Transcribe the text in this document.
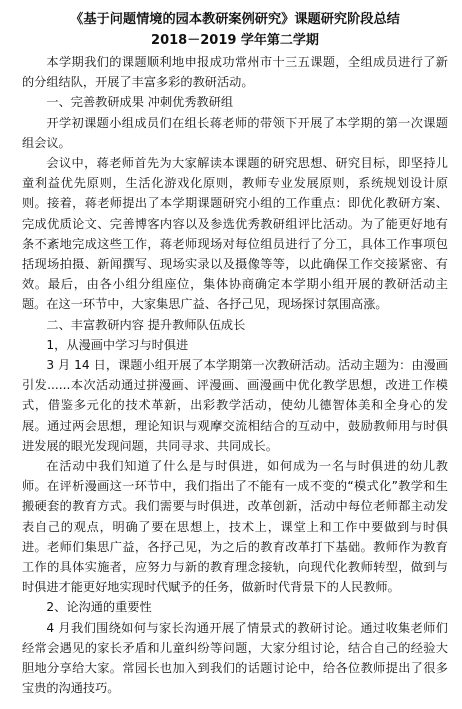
《基于问题情境的园本教研案例研究》课题研究阶段总结
2018－2019 学年第二学期

本学期我们的课题顺利地申报成功常州市十三五课题，全组成员进行了新的分组结队，开展了丰富多彩的教研活动。

一、完善教研成果 冲刺优秀教研组

开学初课题小组成员们在组长蒋老师的带领下开展了本学期的第一次课题组会议。

会议中，蒋老师首先为大家解读本课题的研究思想、研究目标，即坚持儿童利益优先原则，生活化游戏化原则，教师专业发展原则，系统规划设计原则。接着，蒋老师提出了本学期课题研究小组的工作重点：即优化教研方案、完成优质论文、完善博客内容以及参选优秀教研组评比活动。为了能更好地有条不紊地完成这些工作，蒋老师现场对每位组员进行了分工，具体工作事项包括现场拍摄、新闻撰写、现场实录以及摄像等等，以此确保工作交接紧密、有效。最后，由各小组分组座位，集体协商确定本学期小组开展的教研活动主题。在这一环节中，大家集思广益、各抒己见，现场探讨氛围高涨。

二、丰富教研内容 提升教师队伍成长
1，从漫画中学习与时俱进

3 月 14 日，课题小组开展了本学期第一次教研活动。活动主题为：由漫画引发......本次活动通过拼漫画、评漫画、画漫画中优化教学思想，改进工作模式，借鉴多元化的技术革新，出彩教学活动，使幼儿德智体美和全身心的发展。通过两会思想，理论知识与观摩交流相结合的互动中，鼓励教师用与时俱进发展的眼光发现问题，共同寻求、共同成长。

在活动中我们知道了什么是与时俱进，如何成为一名与时俱进的幼儿教师。在评析漫画这一环节中，我们指出了不能有一成不变的“模式化”教学和生搬硬套的教育方式。我们需要与时俱进，改革创新，活动中每位老师都主动发表自己的观点，明确了要在思想上，技术上，课堂上和工作中要做到与时俱进。老师们集思广益，各抒己见，为之后的教育改革打下基础。教师作为教育工作的具体实施者，应努力与新的教育理念接轨，向现代化教师转型，做到与时俱进才能更好地实现时代赋予的任务，做新时代背景下的人民教师。

2、论沟通的重要性

4 月我们围绕如何与家长沟通开展了情景式的教研讨论。通过收集老师们经常会遇见的家长矛盾和儿童纠纷等问题，大家分组讨论，结合自己的经验大胆地分享给大家。常园长也加入到我们的话题讨论中，给各位教师提出了很多宝贵的沟通技巧。
